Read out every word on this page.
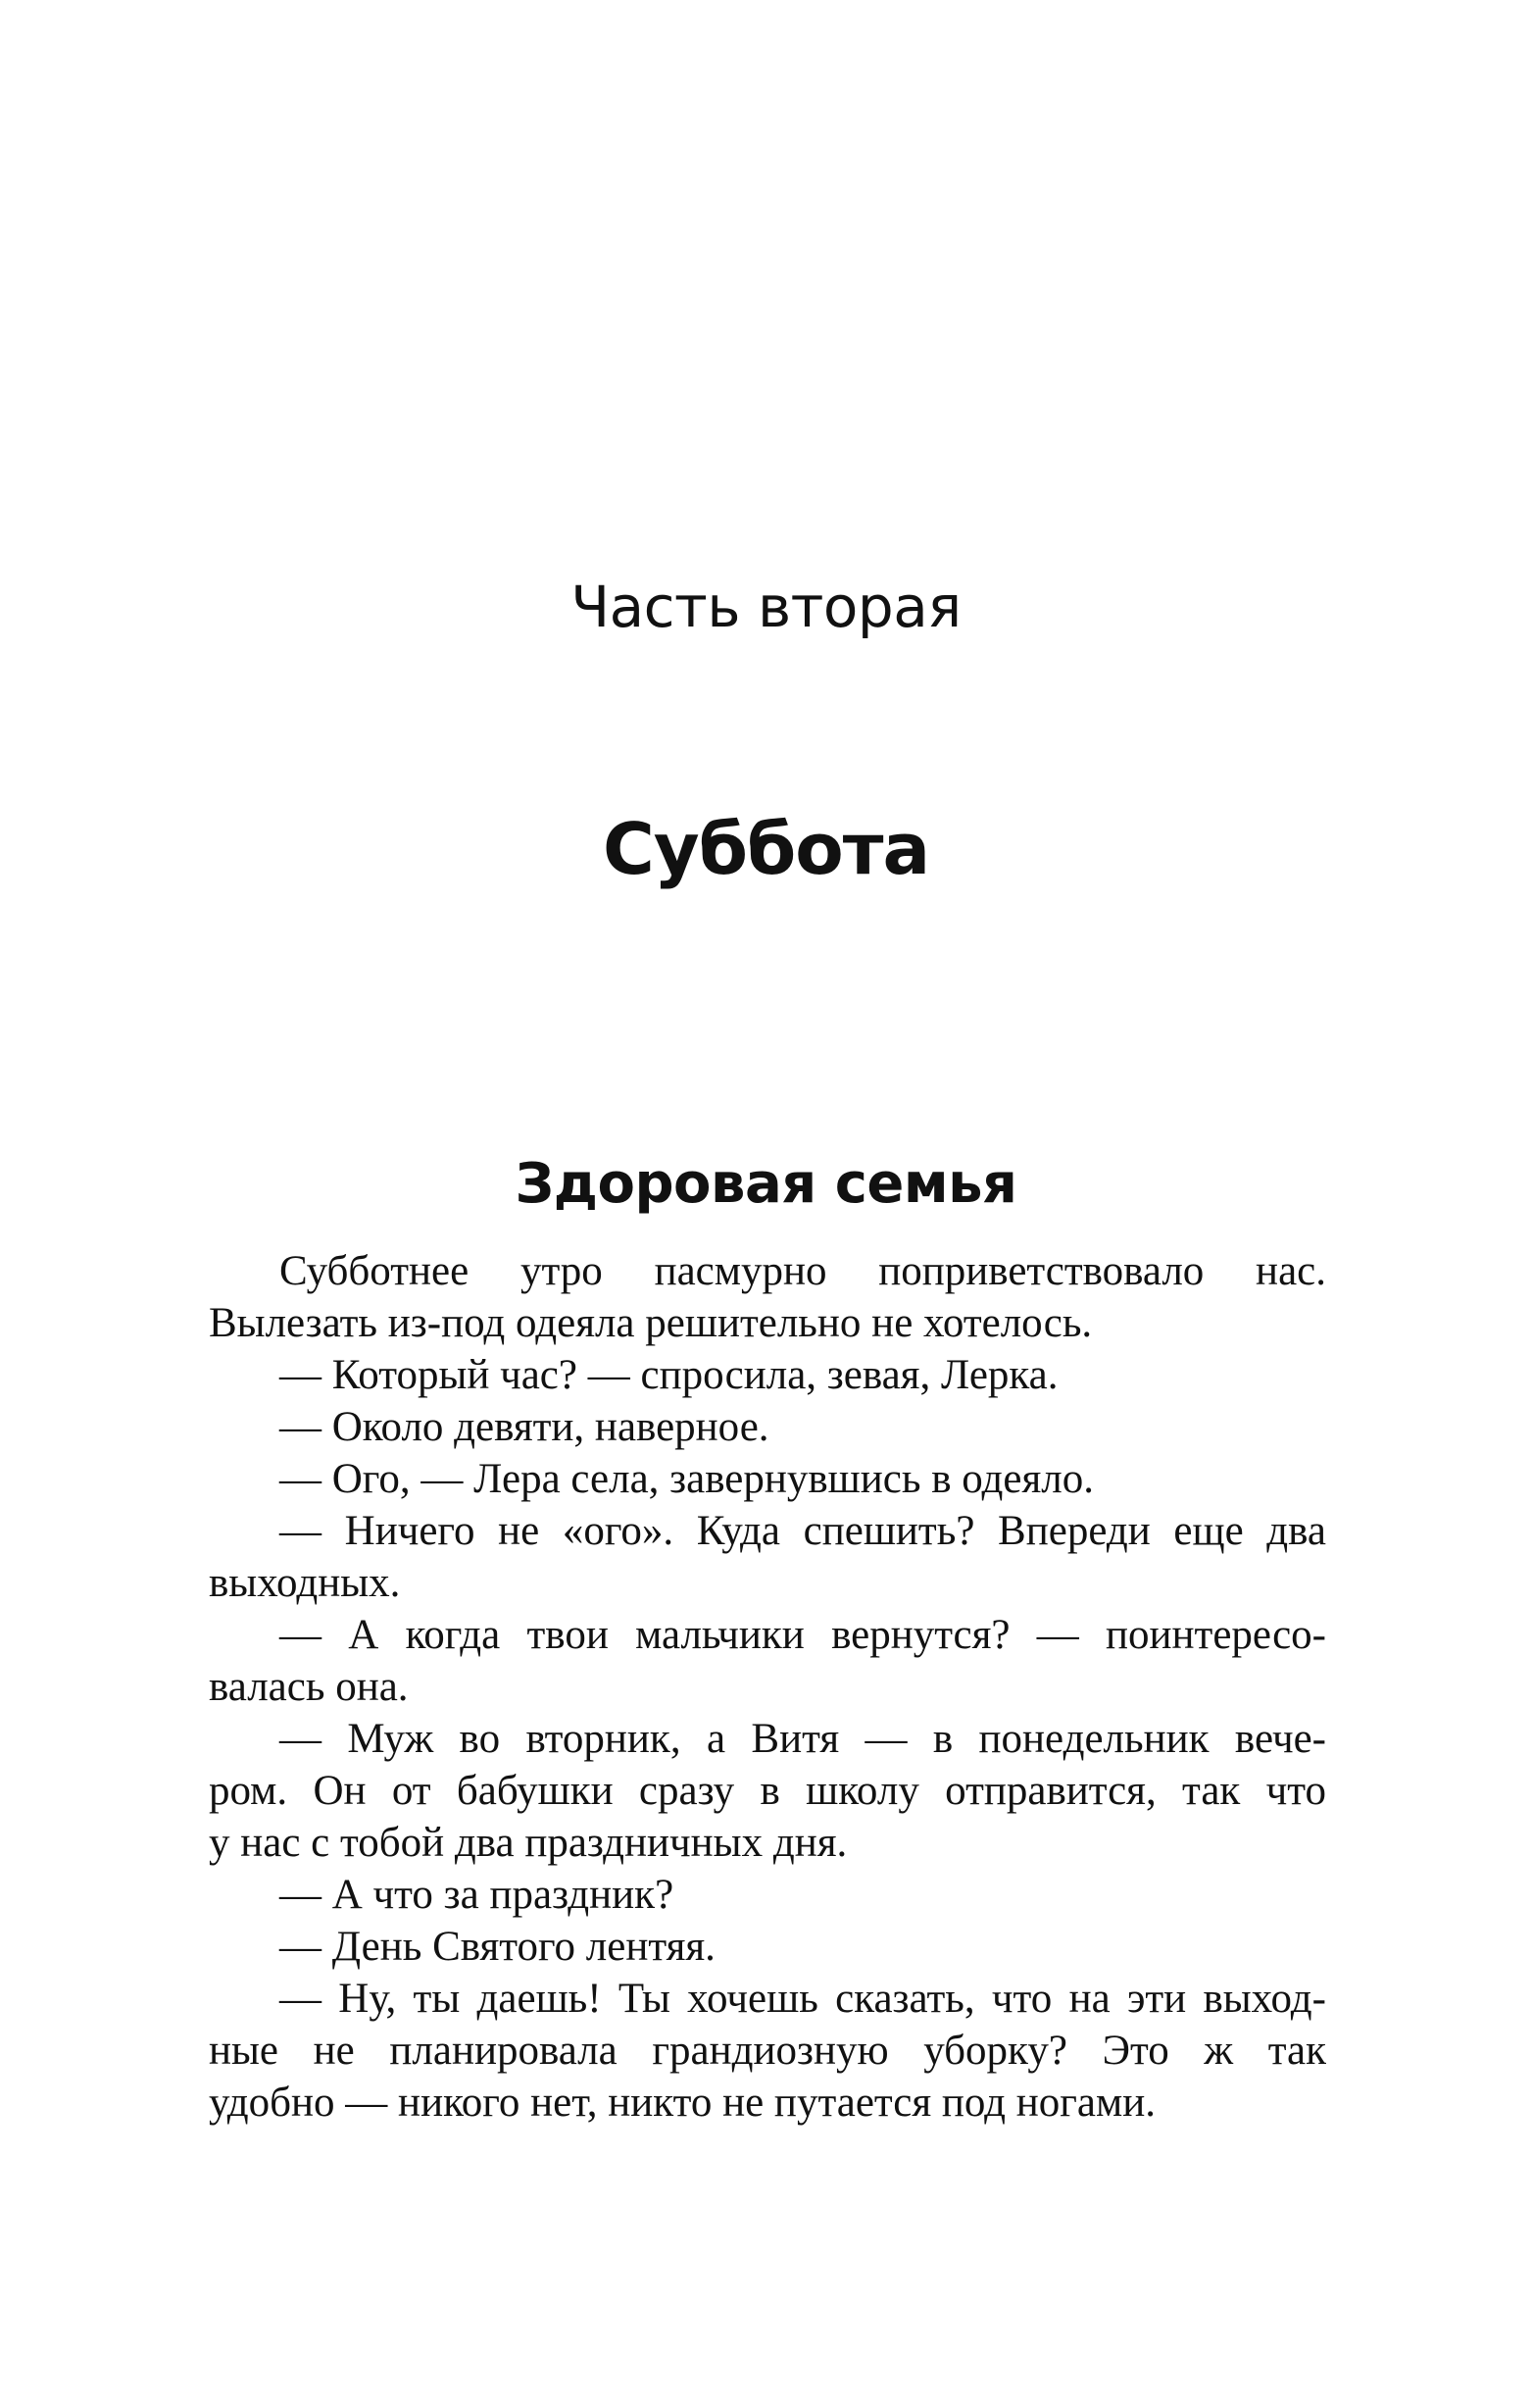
Часть вторая
Суббота
Здоровая семья
Субботнее утро пасмурно поприветствовало нас.
Вылезать из-под одеяла решительно не хотелось.
— Который час? — спросила, зевая, Лерка.
— Около девяти, наверное.
— Ого, — Лера села, завернувшись в одеяло.
— Ничего не «ого». Куда спешить? Впереди еще два
выходных.
— А когда твои мальчики вернутся? — поинтересо-
валась она.
— Муж во вторник, а Витя — в понедельник вече-
ром. Он от бабушки сразу в школу отправится, так что
у нас с тобой два праздничных дня.
— А что за праздник?
— День Святого лентяя.
— Ну, ты даешь! Ты хочешь сказать, что на эти выход-
ные не планировала грандиозную уборку? Это ж так
удобно — никого нет, никто не путается под ногами.
